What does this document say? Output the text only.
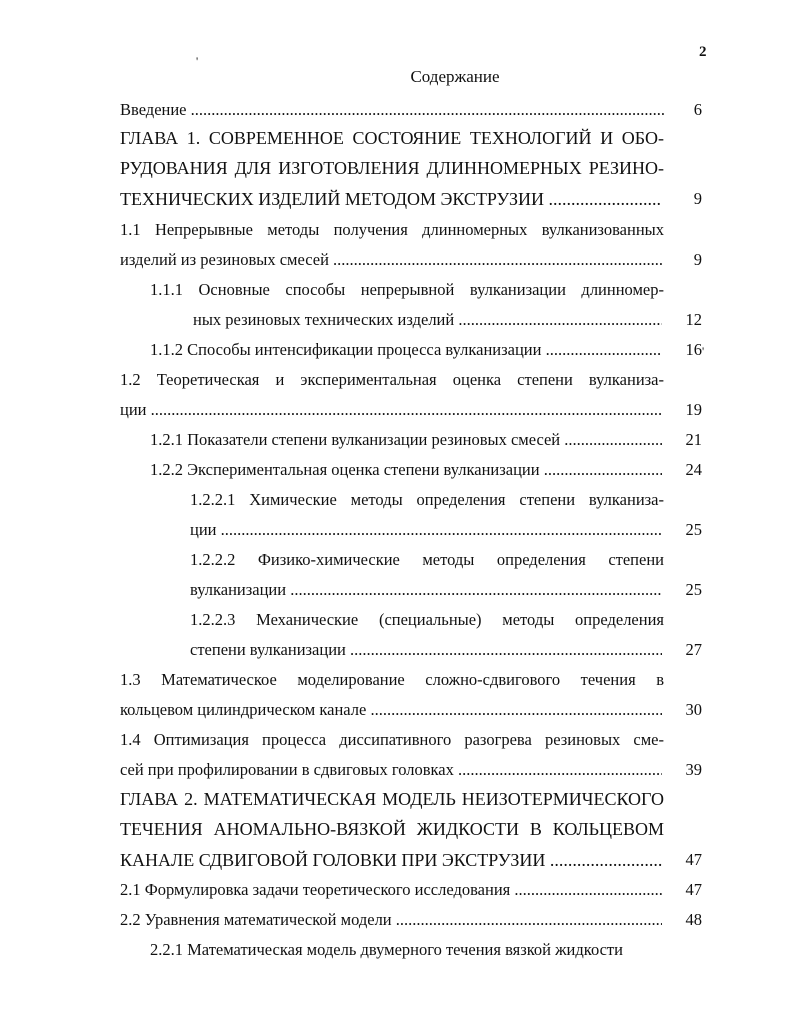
2
'
'
Содержание
Введение .....	6
ГЛАВА 1. СОВРЕМЕННОЕ СОСТОЯНИЕ ТЕХНОЛОГИЙ И ОБО-
РУДОВАНИЯ ДЛЯ ИЗГОТОВЛЕНИЯ ДЛИННОМЕРНЫХ РЕЗИНО-
ТЕХНИЧЕСКИХ ИЗДЕЛИЙ МЕТОДОМ ЭКСТРУЗИИ .....	9
1.1 Непрерывные методы получения длинномерных вулканизованных
изделий из резиновых смесей .....	9
1.1.1 Основные способы непрерывной вулканизации длинномер-
ных резиновых технических изделий .....	12
1.1.2 Способы интенсификации процесса вулканизации .....	16
1.2 Теоретическая и экспериментальная оценка степени вулканиза-
ции .....	19
1.2.1 Показатели степени вулканизации резиновых смесей .....	21
1.2.2 Экспериментальная оценка степени вулканизации .....	24
1.2.2.1 Химические методы определения степени вулканиза-
ции .....	25
1.2.2.2 Физико-химические методы определения степени
вулканизации .....	25
1.2.2.3 Механические (специальные) методы определения
степени вулканизации .....	27
1.3 Математическое моделирование сложно-сдвигового течения в
кольцевом цилиндрическом канале .....	30
1.4 Оптимизация процесса диссипативного разогрева резиновых сме-
сей при профилировании в сдвиговых головках .....	39
ГЛАВА 2. МАТЕМАТИЧЕСКАЯ МОДЕЛЬ НЕИЗОТЕРМИЧЕСКОГО
ТЕЧЕНИЯ АНОМАЛЬНО-ВЯЗКОЙ ЖИДКОСТИ В КОЛЬЦЕВОМ
КАНАЛЕ СДВИГОВОЙ ГОЛОВКИ ПРИ ЭКСТРУЗИИ .....	47
2.1 Формулировка задачи теоретического исследования .....	47
2.2 Уравнения математической модели .....	48
2.2.1 Математическая модель двумерного течения вязкой жидкости
